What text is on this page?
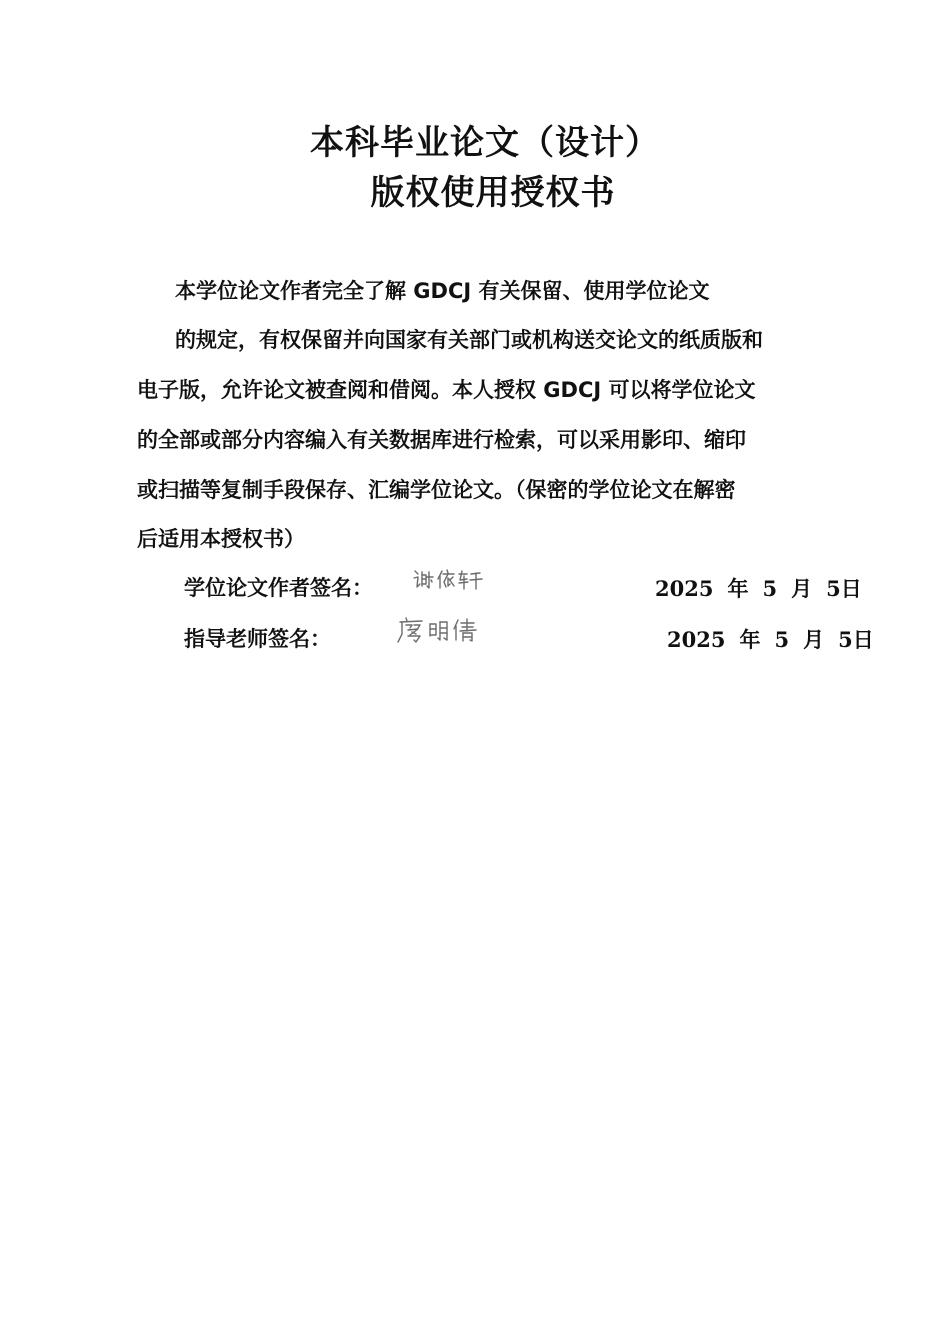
本科毕业论文（设计）
版权使用授权书
本学位论文作者完全了解 GDCJ 有关保留、使用学位论文
的规定，有权保留并向国家有关部门或机构送交论文的纸质版和
电子版，允许论文被查阅和借阅。本人授权 GDCJ 可以将学位论文
的全部或部分内容编入有关数据库进行检索，可以采用影印、缩印
或扫描等复制手段保存、汇编学位论文。（保密的学位论文在解密
后适用本授权书）
学位论文作者签名：	2025 年 5 月 5日
指导老师签名：	2025 年 5 月 5日
